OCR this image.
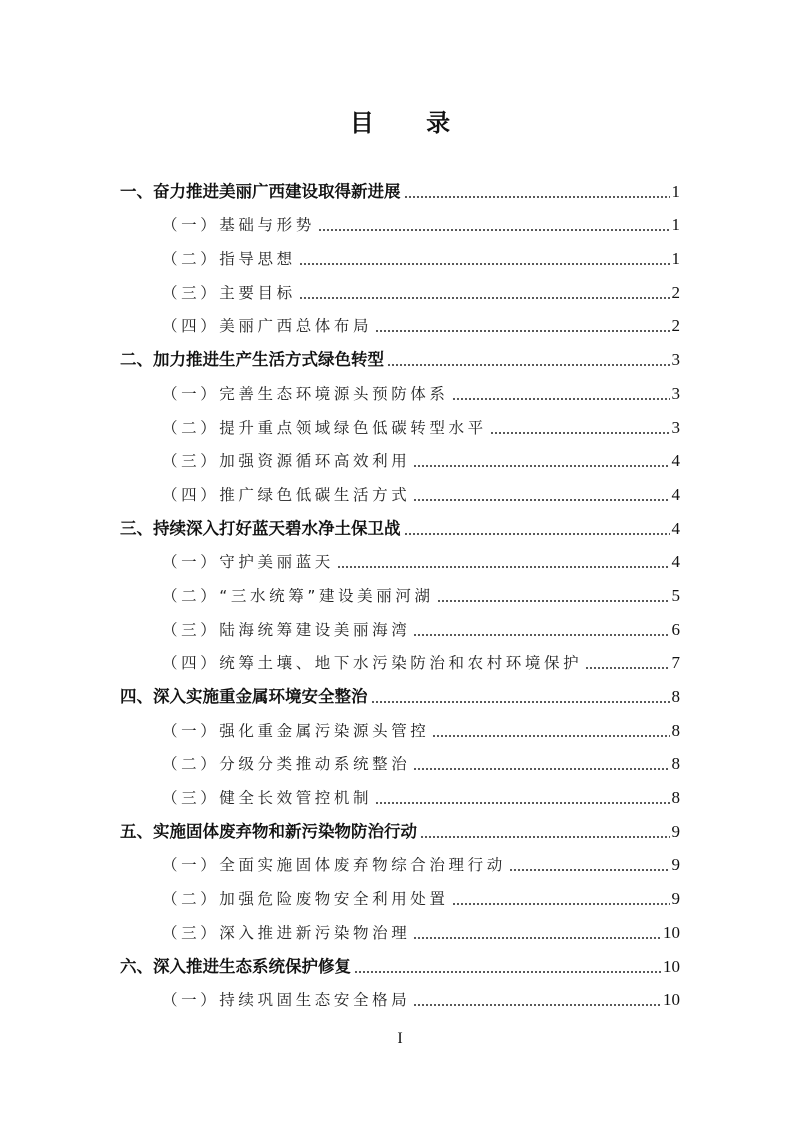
目 录
一、奋力推进美丽广西建设取得新进展	1
（一）基础与形势	1
（二）指导思想	1
（三）主要目标	2
（四）美丽广西总体布局	2
二、加力推进生产生活方式绿色转型	3
（一）完善生态环境源头预防体系	3
（二）提升重点领域绿色低碳转型水平	3
（三）加强资源循环高效利用	4
（四）推广绿色低碳生活方式	4
三、持续深入打好蓝天碧水净土保卫战	4
（一）守护美丽蓝天	4
（二）“三水统筹”建设美丽河湖	5
（三）陆海统筹建设美丽海湾	6
（四）统筹土壤、地下水污染防治和农村环境保护	7
四、深入实施重金属环境安全整治	8
（一）强化重金属污染源头管控	8
（二）分级分类推动系统整治	8
（三）健全长效管控机制	8
五、实施固体废弃物和新污染物防治行动	9
（一）全面实施固体废弃物综合治理行动	9
（二）加强危险废物安全利用处置	9
（三）深入推进新污染物治理	10
六、深入推进生态系统保护修复	10
（一）持续巩固生态安全格局	10
I
